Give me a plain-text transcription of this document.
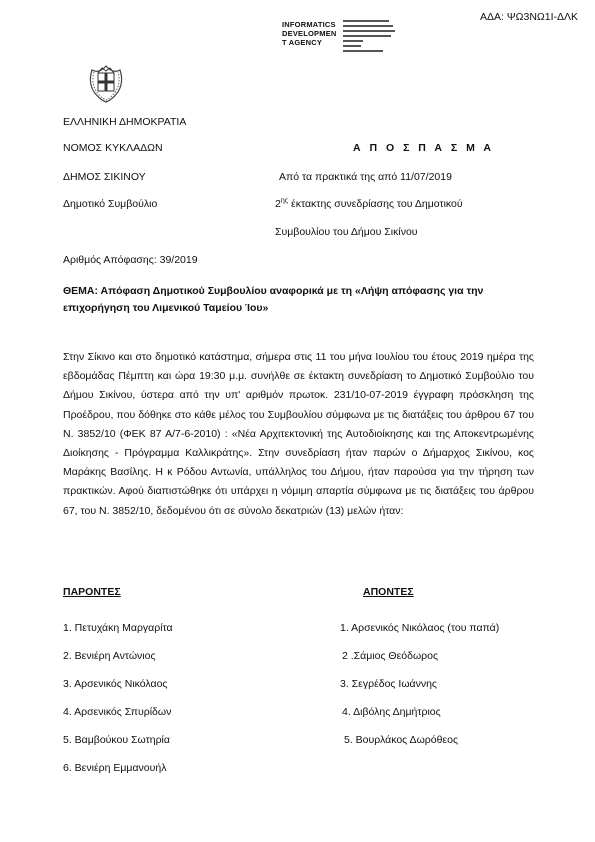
ΑΔΑ: ΨΩ3ΝΩ1Ι-ΔΛΚ
INFORMATICS
DEVELOPMEN
T AGENCY
ΕΛΛΗΝΙΚΗ ΔΗΜΟΚΡΑΤΙΑ
ΝΟΜΟΣ ΚΥΚΛΑΔΩΝ
ΔΗΜΟΣ ΣΙΚΙΝΟΥ
Δημοτικό Συμβούλιο
Αριθμός Απόφασης: 39/2019
Α Π Ο Σ Π Α Σ Μ Α
Από τα πρακτικά της από 11/07/2019
$2^{\eta\varsigma}$ έκτακτης συνεδρίασης του Δημοτικού
Συμβουλίου του Δήμου Σικίνου
ΘΕΜΑ: Απόφαση Δημοτικού Συμβουλίου αναφορικά με τη «Λήψη απόφασης για την επιχορήγηση του Λιμενικού Ταμείου Ίου»
Στην Σίκινο και στο δημοτικό κατάστημα, σήμερα στις 11 του μήνα Ιουλίου του έτους 2019 ημέρα της εβδομάδας Πέμπτη και ώρα 19:30 μ.μ. συνήλθε σε έκτακτη συνεδρίαση το Δημοτικό Συμβούλιο του Δήμου Σικίνου, ύστερα από την υπ' αριθμόν πρωτοκ. 231/10-07-2019 έγγραφη πρόσκληση της Προέδρου, που δόθηκε στο κάθε μέλος του Συμβουλίου σύμφωνα με τις διατάξεις του άρθρου 67 του Ν. 3852/10 (ΦΕΚ 87 Α/7-6-2010) : «Νέα Αρχιτεκτονική της Αυτοδιοίκησης και της Αποκεντρωμένης Διοίκησης - Πρόγραμμα Καλλικράτης». Στην συνεδρίαση ήταν παρών ο Δήμαρχος Σικίνου, κος Μαράκης Βασίλης. Η κ Ρόδου Αντωνία, υπάλληλος του Δήμου, ήταν παρούσα για την τήρηση των πρακτικών. Αφού διαπιστώθηκε ότι υπάρχει η νόμιμη απαρτία σύμφωνα με τις διατάξεις του άρθρου 67, του Ν. 3852/10, δεδομένου ότι σε σύνολο δεκατριών (13) μελών ήταν:
ΠΑΡΟΝΤΕΣ	ΑΠΟΝΤΕΣ
1. Πετυχάκη Μαργαρίτα
2. Βενιέρη Αντώνιος
3. Αρσενικός Νικόλαος
4. Αρσενικός Σπυρίδων
5. Βαμβούκου Σωτηρία
6. Βενιέρη Εμμανουήλ
1. Αρσενικός Νικόλαος (του παπά)
2 .Σάμιος Θεόδωρος
3. Σεγρέδος Ιωάννης
4. Διβόλης Δημήτριος
5. Βουρλάκος Δωρόθεος
